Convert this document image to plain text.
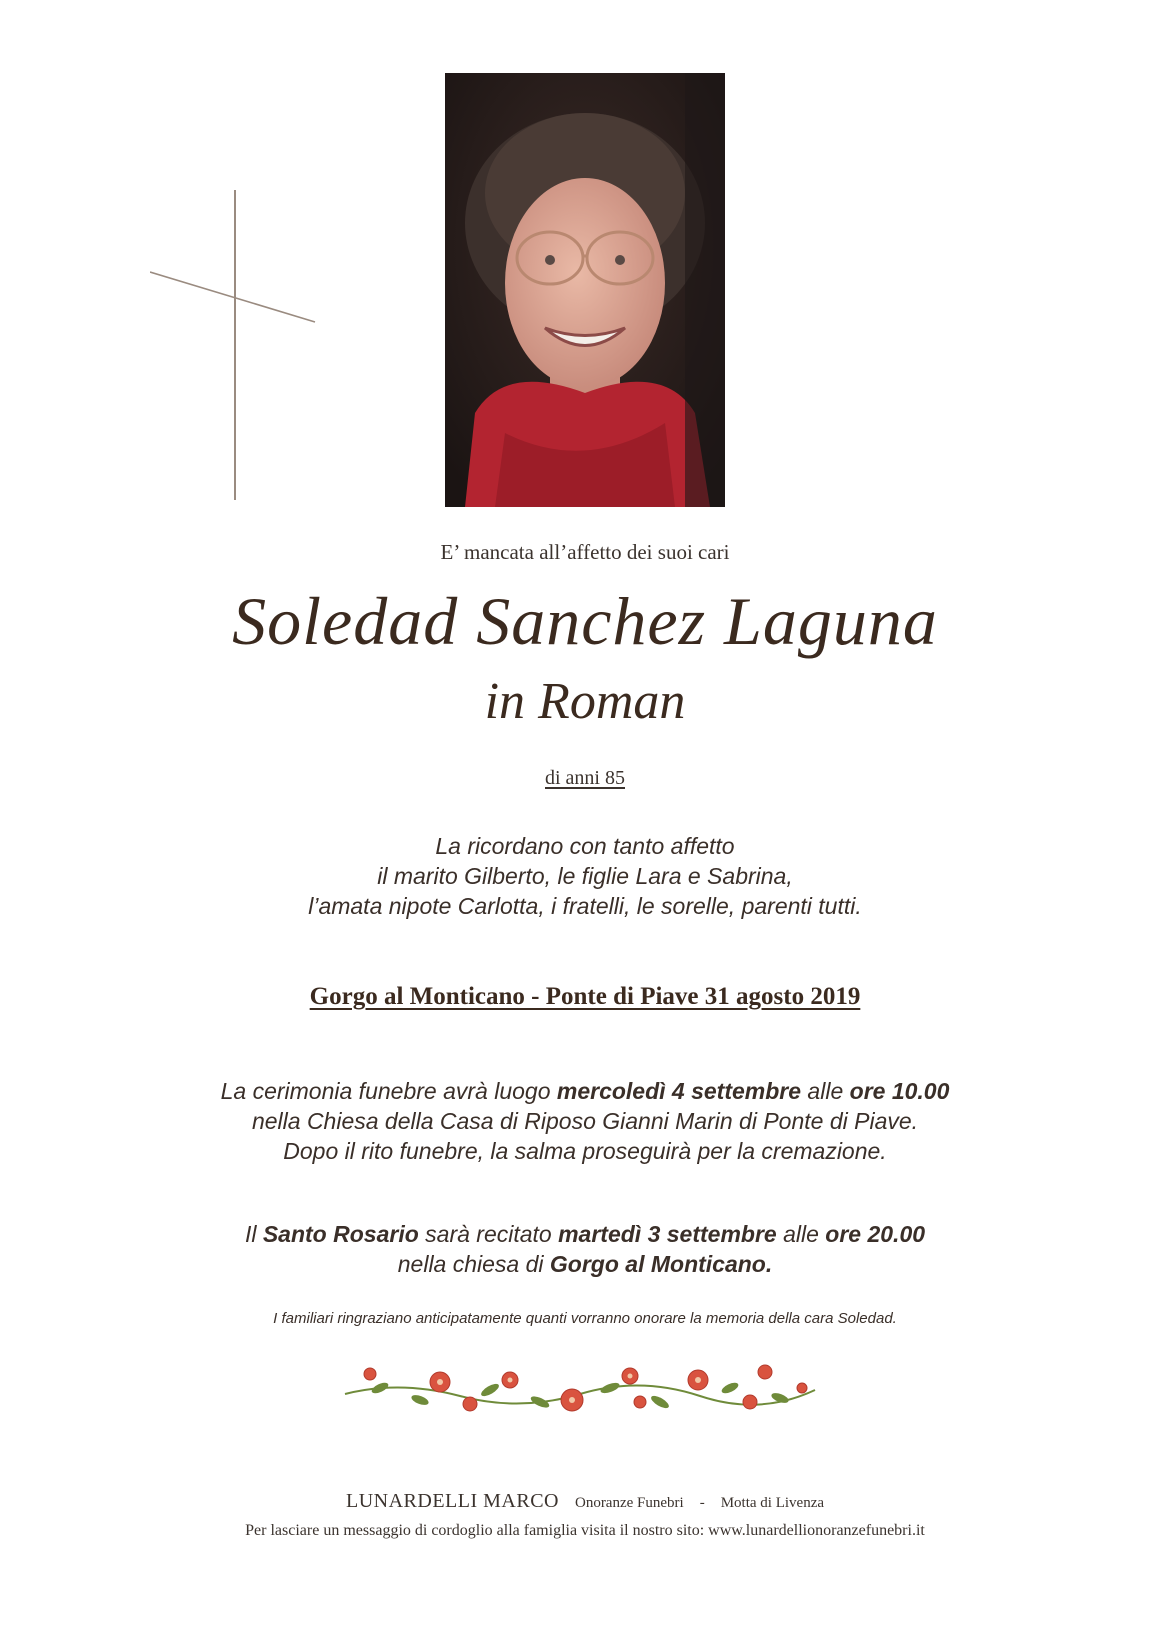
E’ mancata all’affetto dei suoi cari
Soledad Sanchez Laguna
in Roman
di anni 85
La ricordano con tanto affetto
il marito Gilberto, le figlie Lara e Sabrina,
l’amata nipote Carlotta, i fratelli, le sorelle, parenti tutti.
Gorgo al Monticano - Ponte di Piave 31 agosto 2019
La cerimonia funebre avrà luogo mercoledì 4 settembre alle ore 10.00
nella Chiesa della Casa di Riposo Gianni Marin di Ponte di Piave.
Dopo il rito funebre, la salma proseguirà per la cremazione.
Il Santo Rosario sarà recitato martedì 3 settembre alle ore 20.00
nella chiesa di Gorgo al Monticano.
I familiari ringraziano anticipatamente quanti vorranno onorare la memoria della cara Soledad.
LUNARDELLI MARCO Onoranze Funebri - Motta di Livenza
Per lasciare un messaggio di cordoglio alla famiglia visita il nostro sito: www.lunardellionoranzefunebri.it
